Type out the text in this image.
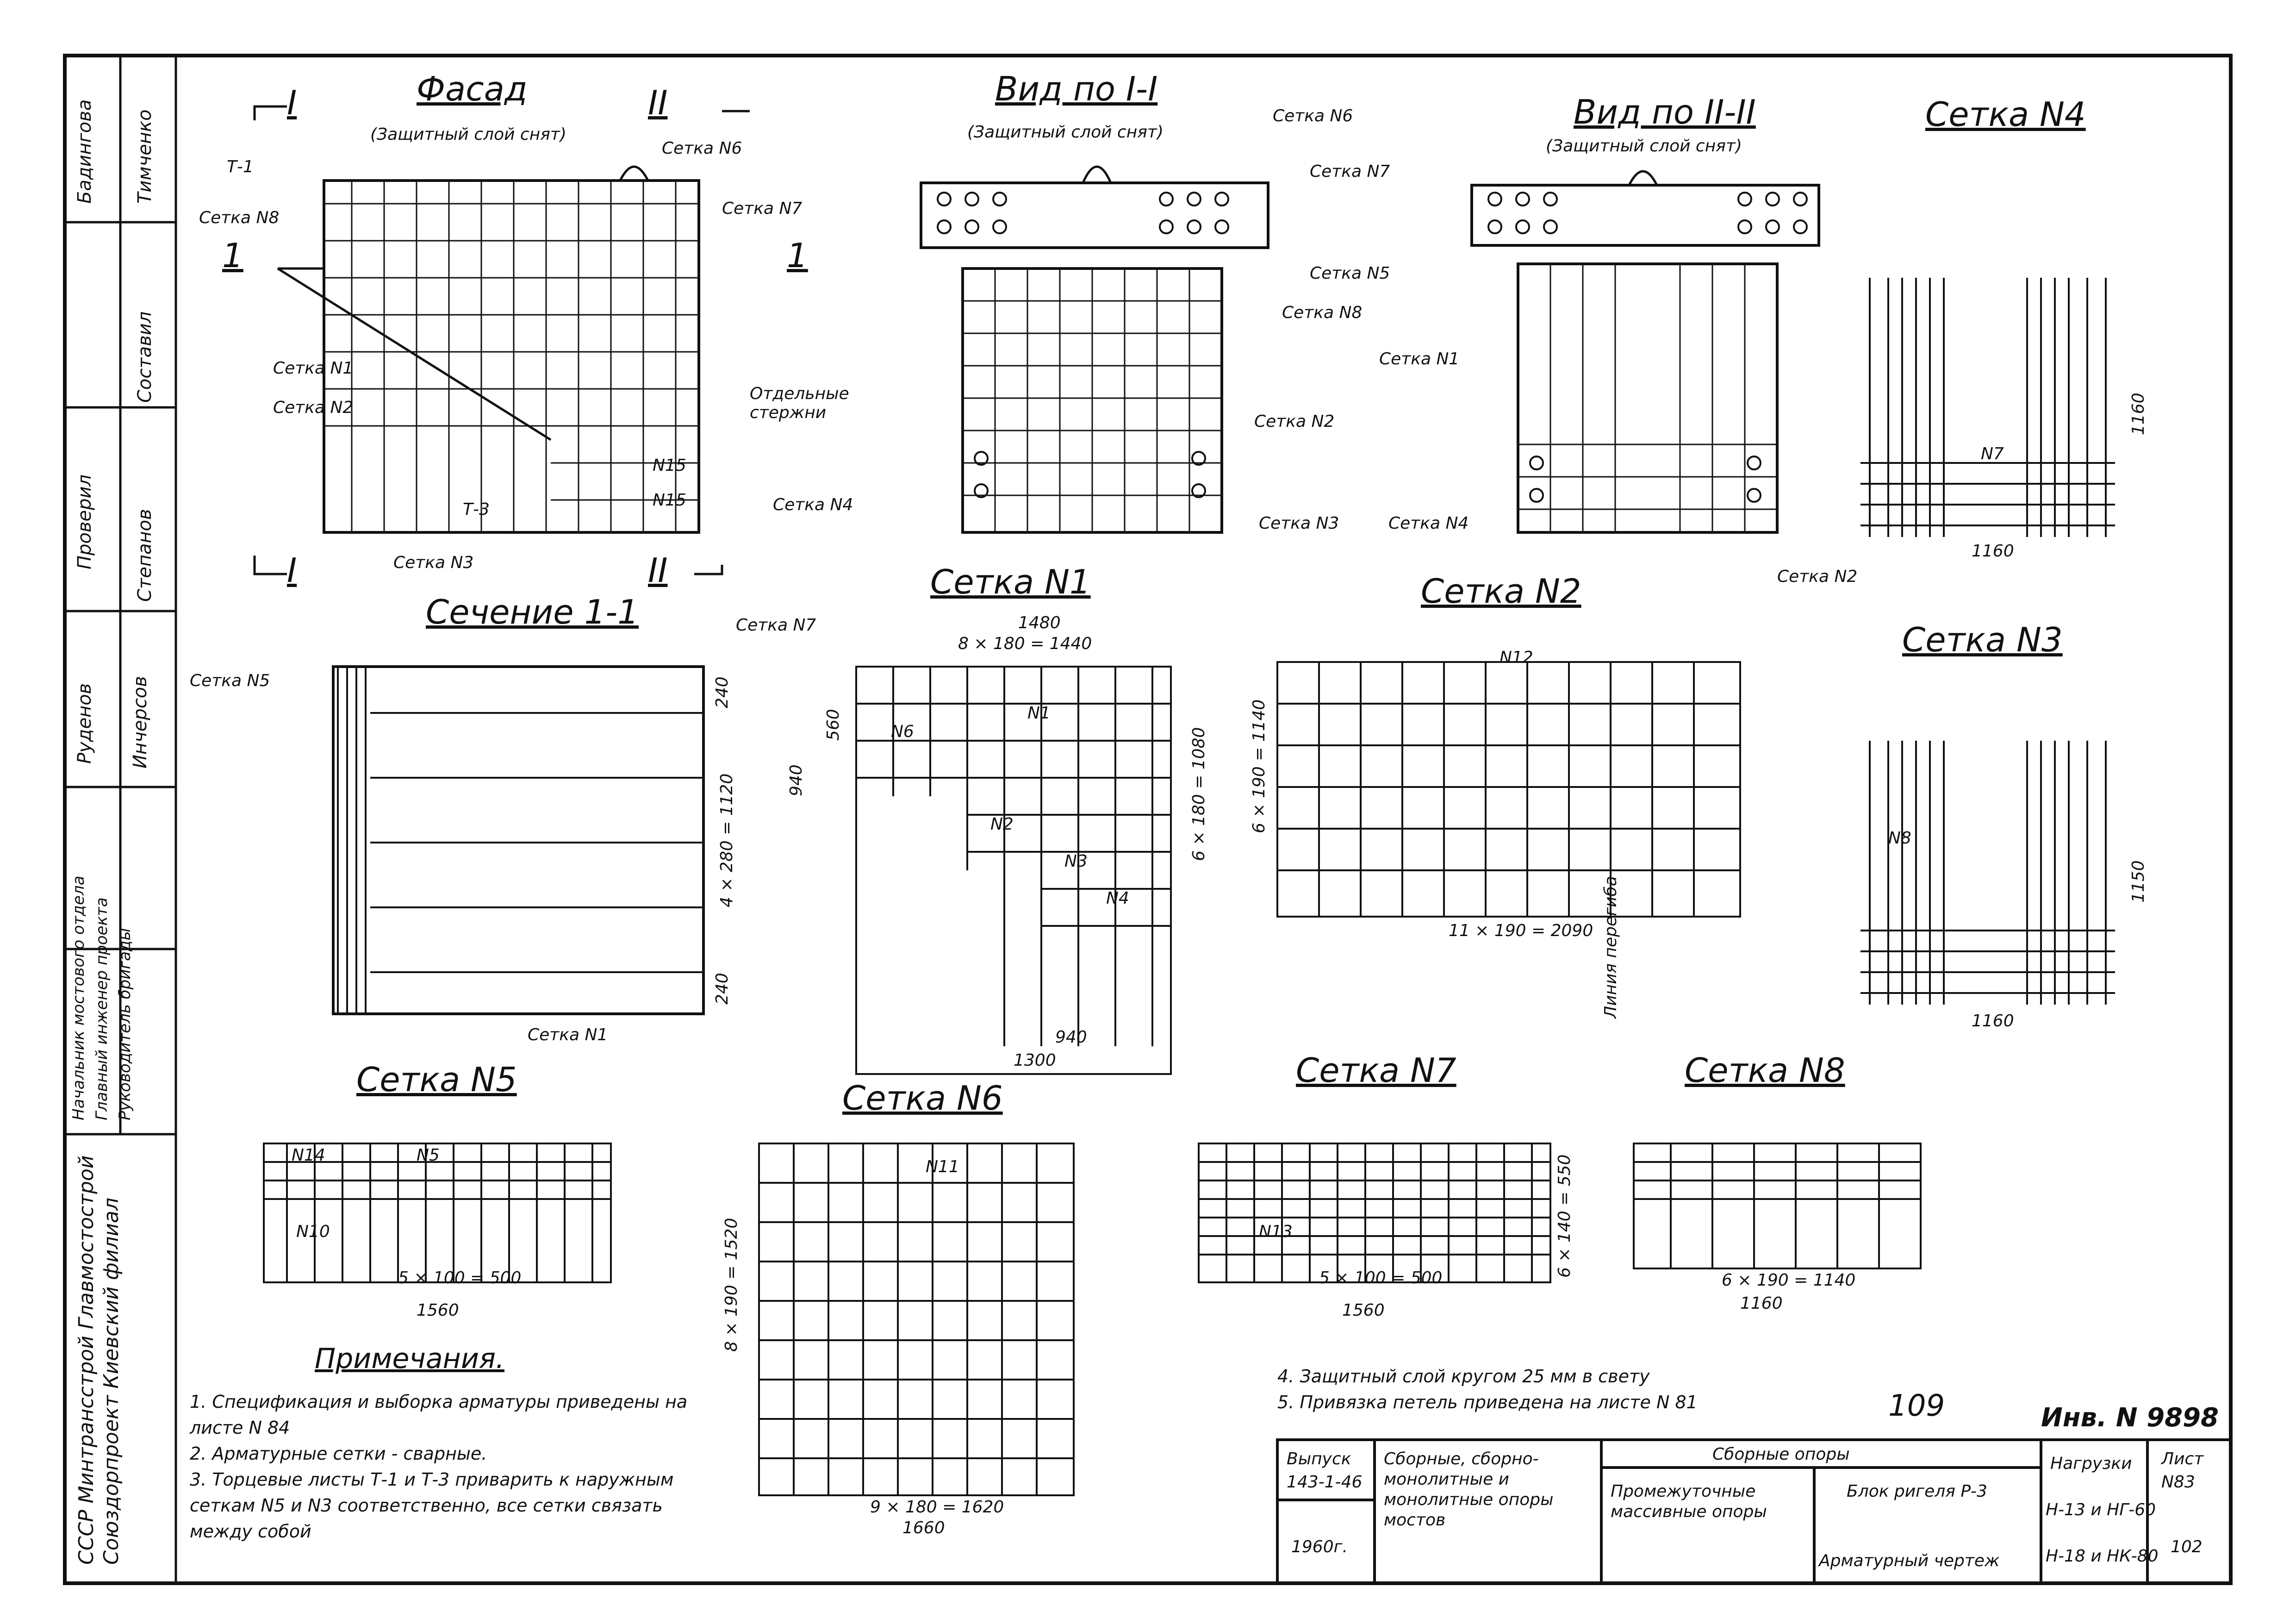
Фасад
(Защитный слой снят)
Вид по I-I
(Защитный слой снят)
Вид по II-II
(Защитный слой снят)
Сетка N4
Сечение 1-1
Сетка N1	Сетка N2
Сетка N3
Сетка N5	Сетка N6
Сетка N7	Сетка N8
Т-1
Т-3
Сетка N8
Сетка N1
Сетка N2
Сетка N3
Сетка N4
Сетка N6
Сетка N7
Отдельные стержни
N15
N15
Сетка N6
Сетка N7
Сетка N5
Сетка N8
Сетка N1
Сетка N2
Сетка N3	Сетка N4
Сетка N2
Сетка N5
Сетка N7
Сетка N1
Линия перегиба
I
I
II
II
1	1
1480
8 × 180 = 1440
6 × 180 = 1080
940
560
940
1300
11 × 190 = 2090
6 × 190 = 1140
4 × 280 = 1120
240
240
1160
1160
1160
1150
5 × 100 = 500
1560	8 × 190 = 1520
9 × 180 = 1620
1660
5 × 100 = 500
1560
6 × 140 = 550
6 × 190 = 1140
1160
N1
N2
N3
N4
N5
N6
N7
N8
N10
N11
N12
N13
N14
Примечания.
1. Спецификация и выборка арматуры приведены на листе N 84
2. Арматурные сетки - сварные.
3. Торцевые листы Т-1 и Т-3 приварить к наружным сеткам N5 и N3 соответственно, все сетки связать между собой
4. Защитный слой кругом 25 мм в свету
5. Привязка петель приведена на листе N 81	109	Инв. N 9898
Выпуск
143-1-46
1960г.
Сборные, сборно-монолитные и монолитные опоры мостов
Сборные опоры
Промежуточные массивные опоры
Блок ригеля Р-3
Арматурный чертеж
Нагрузки
Н-13 и НГ-60
Н-18 и НК-80
Лист
N83
102
СССР Минтрансстрой Главмостострой Союздорпроект Киевский филиал
Начальник мостового отдела Главный инженер проекта Руководитель бригады
Инчерсов
Степанов
Составил
Проверил
Руденов
Бадингова Тимченко
